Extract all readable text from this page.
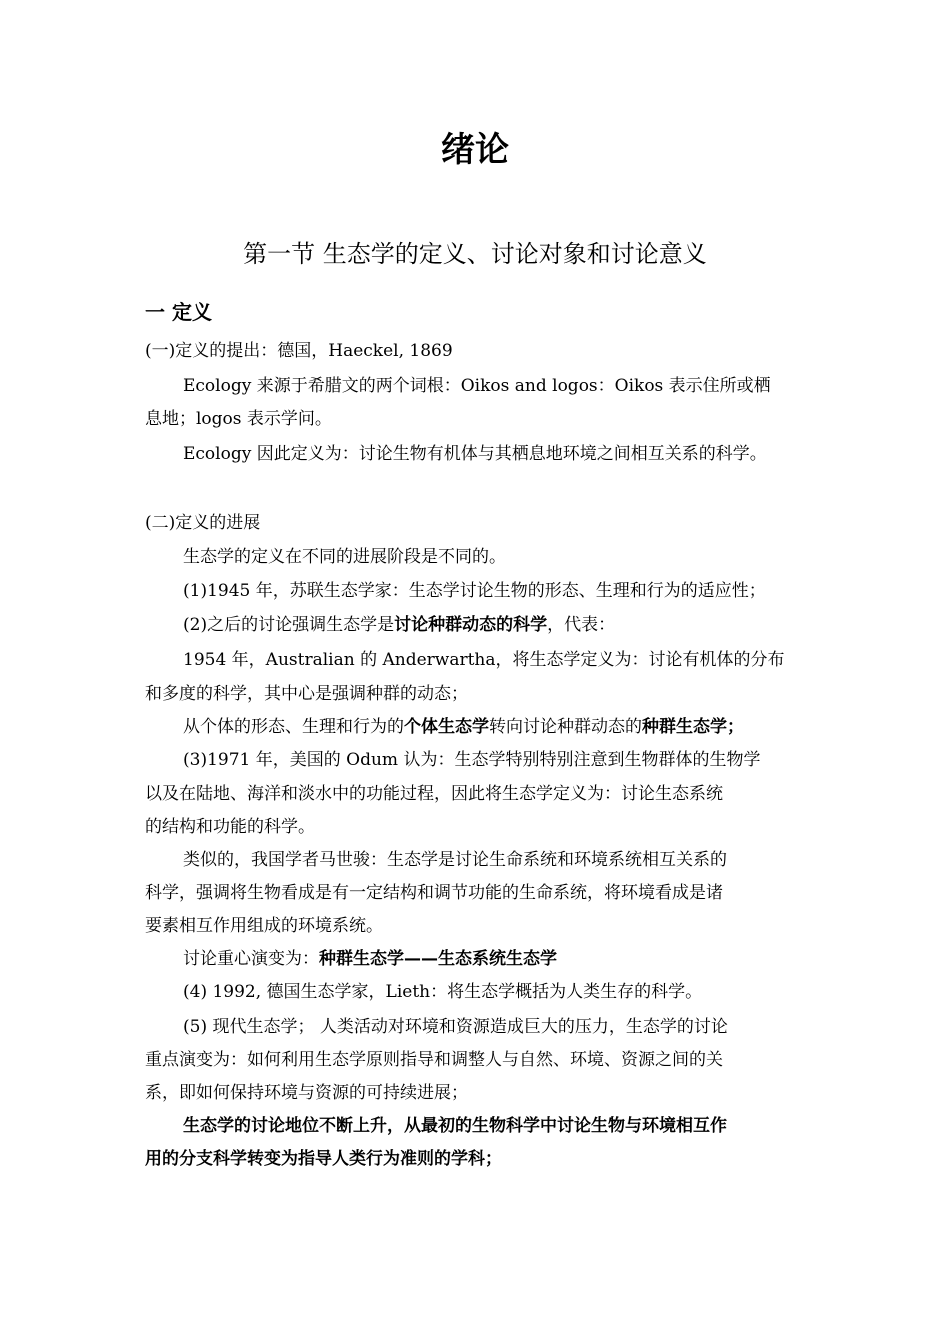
绪论
第一节 生态学的定义、讨论对象和讨论意义
一 定义
(一)定义的提出：德国，Haeckel, 1869
Ecology 来源于希腊文的两个词根：Oikos and logos：Oikos 表示住所或栖
息地；logos 表示学问。
Ecology 因此定义为：讨论生物有机体与其栖息地环境之间相互关系的科学。
(二)定义的进展
生态学的定义在不同的进展阶段是不同的。
(1)1945 年，苏联生态学家：生态学讨论生物的形态、生理和行为的适应性；
(2)之后的讨论强调生态学是讨论种群动态的科学，代表：
1954 年，Australian 的 Anderwartha，将生态学定义为：讨论有机体的分布
和多度的科学，其中心是强调种群的动态；
从个体的形态、生理和行为的个体生态学转向讨论种群动态的种群生态学；
(3)1971 年，美国的 Odum 认为：生态学特别特别注意到生物群体的生物学
以及在陆地、海洋和淡水中的功能过程，因此将生态学定义为：讨论生态系统
的结构和功能的科学。
类似的，我国学者马世骏：生态学是讨论生命系统和环境系统相互关系的
科学，强调将生物看成是有一定结构和调节功能的生命系统，将环境看成是诸
要素相互作用组成的环境系统。
讨论重心演变为：种群生态学——生态系统生态学
(4) 1992, 德国生态学家，Lieth：将生态学概括为人类生存的科学。
(5) 现代生态学； 人类活动对环境和资源造成巨大的压力，生态学的讨论
重点演变为：如何利用生态学原则指导和调整人与自然、环境、资源之间的关
系，即如何保持环境与资源的可持续进展；
生态学的讨论地位不断上升，从最初的生物科学中讨论生物与环境相互作
用的分支科学转变为指导人类行为准则的学科；
